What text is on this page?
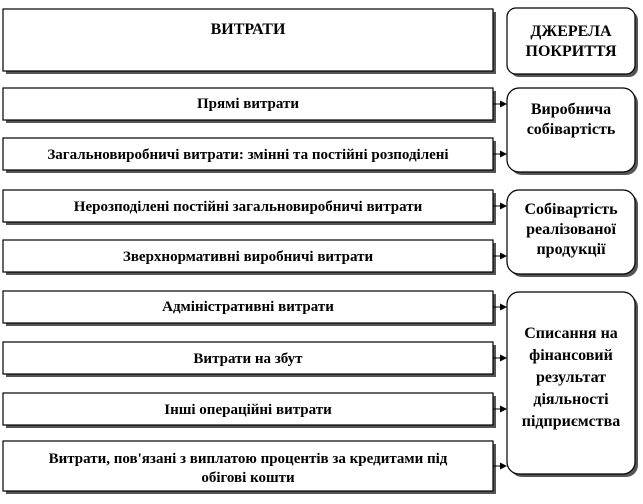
ВИТРАТИ	ДЖЕРЕЛА
ПОКРИТТЯ
Прямі витрати
Загальновиробничі витрати: змінні та постійні розподілені
Нерозподілені постійні загальновиробничі витрати
Зверхнормативні виробничі витрати
Адміністративні витрати
Витрати на збут
Інші операційні витрати
Витрати, пов'язані з виплатою процентів за кредитами під
обігові кошти
Виробнича
собівартість
Собівартість
реалізованої
продукції
Списання на
фінансовий
результат
діяльності
підприємства
